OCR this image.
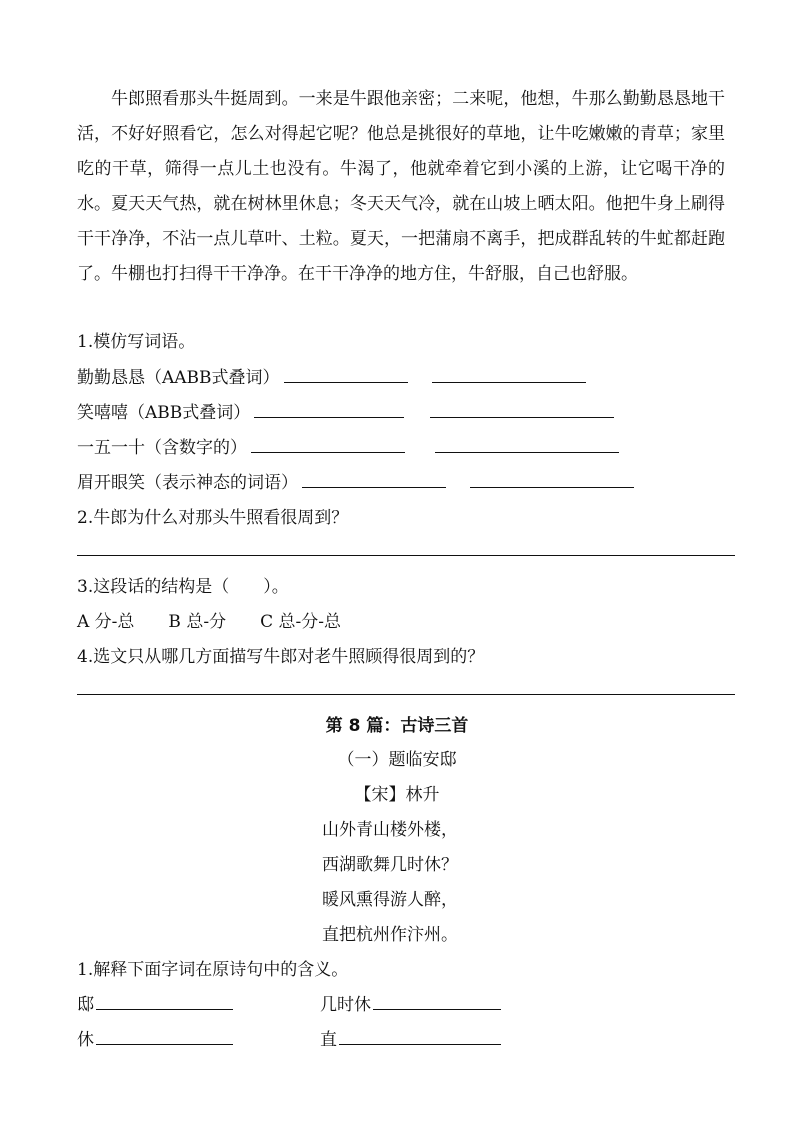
牛郎照看那头牛挺周到。一来是牛跟他亲密；二来呢，他想，牛那么勤勤恳恳地干活，不好好照看它，怎么对得起它呢？他总是挑很好的草地，让牛吃嫩嫩的青草；家里吃的干草，筛得一点儿土也没有。牛渴了，他就牵着它到小溪的上游，让它喝干净的水。夏天天气热，就在树林里休息；冬天天气冷，就在山坡上晒太阳。他把牛身上刷得干干净净，不沾一点儿草叶、土粒。夏天，一把蒲扇不离手，把成群乱转的牛虻都赶跑了。牛棚也打扫得干干净净。在干干净净的地方住，牛舒服，自己也舒服。

1.模仿写词语。
勤勤恳恳（AABB式叠词）
笑嘻嘻（ABB式叠词）
一五一十（含数字的）
眉开眼笑（表示神态的词语）
2.牛郎为什么对那头牛照看很周到？
3.这段话的结构是（　　）。
A 分-总　　B 总-分　　C 总-分-总
4.选文只从哪几方面描写牛郎对老牛照顾得很周到的？
第 8 篇：古诗三首
（一）题临安邸
【宋】林升
山外青山楼外楼，
西湖歌舞几时休？
暖风熏得游人醉，
直把杭州作汴州。
1.解释下面字词在原诗句中的含义。
邸	几时休
休	直
